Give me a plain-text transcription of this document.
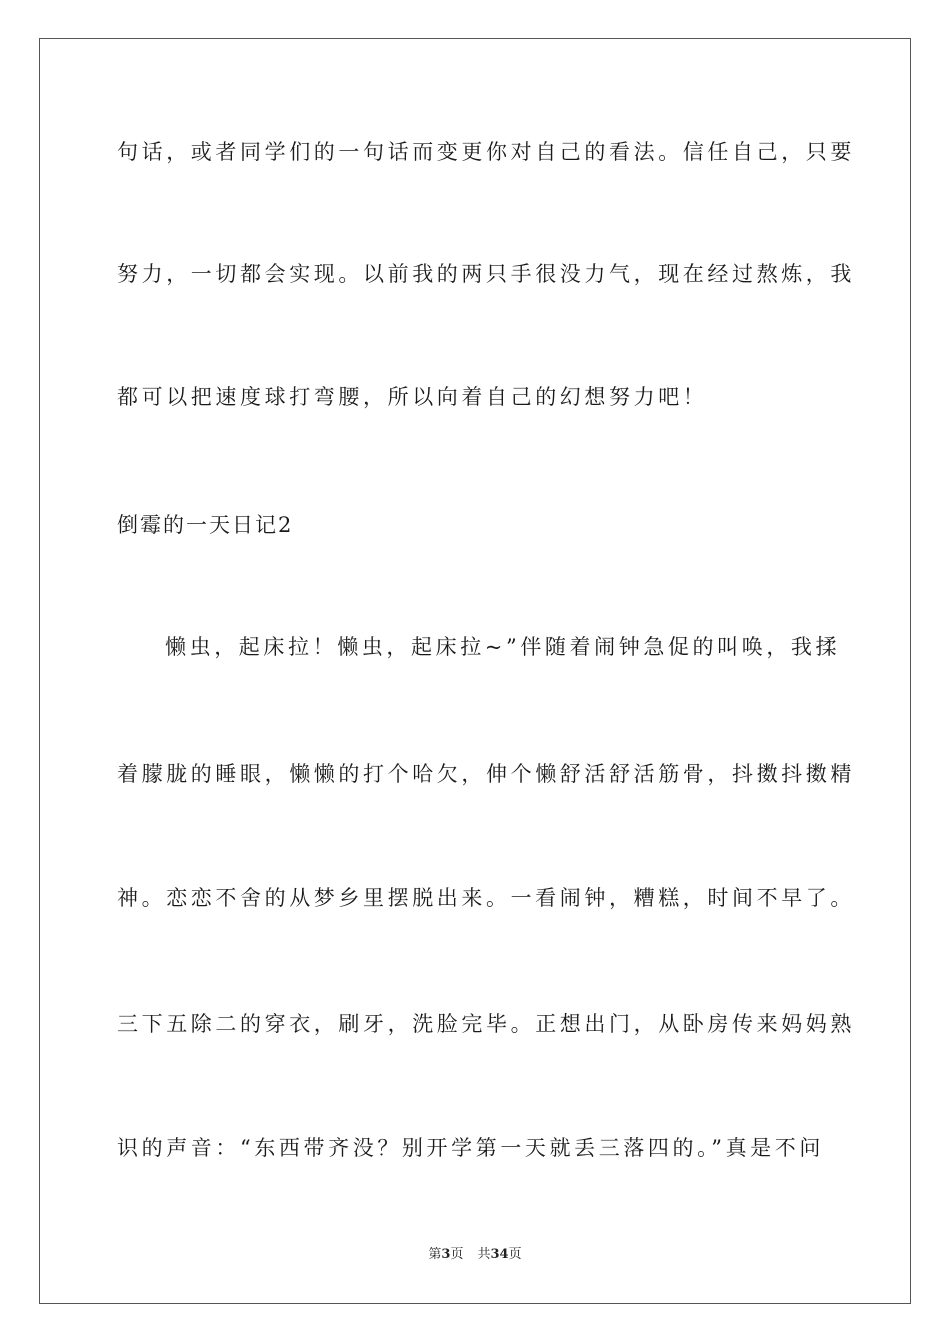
句话，或者同学们的一句话而变更你对自己的看法。信任自己，只要
努力，一切都会实现。以前我的两只手很没力气，现在经过熬炼，我
都可以把速度球打弯腰，所以向着自己的幻想努力吧！
倒霉的一天日记2
懒虫，起床拉！懒虫，起床拉~”伴随着闹钟急促的叫唤，我揉
着朦胧的睡眼，懒懒的打个哈欠，伸个懒舒活舒活筋骨，抖擞抖擞精
神。恋恋不舍的从梦乡里摆脱出来。一看闹钟，糟糕，时间不早了。
三下五除二的穿衣，刷牙，洗脸完毕。正想出门，从卧房传来妈妈熟
识的声音：“东西带齐没？别开学第一天就丢三落四的。”真是不问
第3页 共34页
